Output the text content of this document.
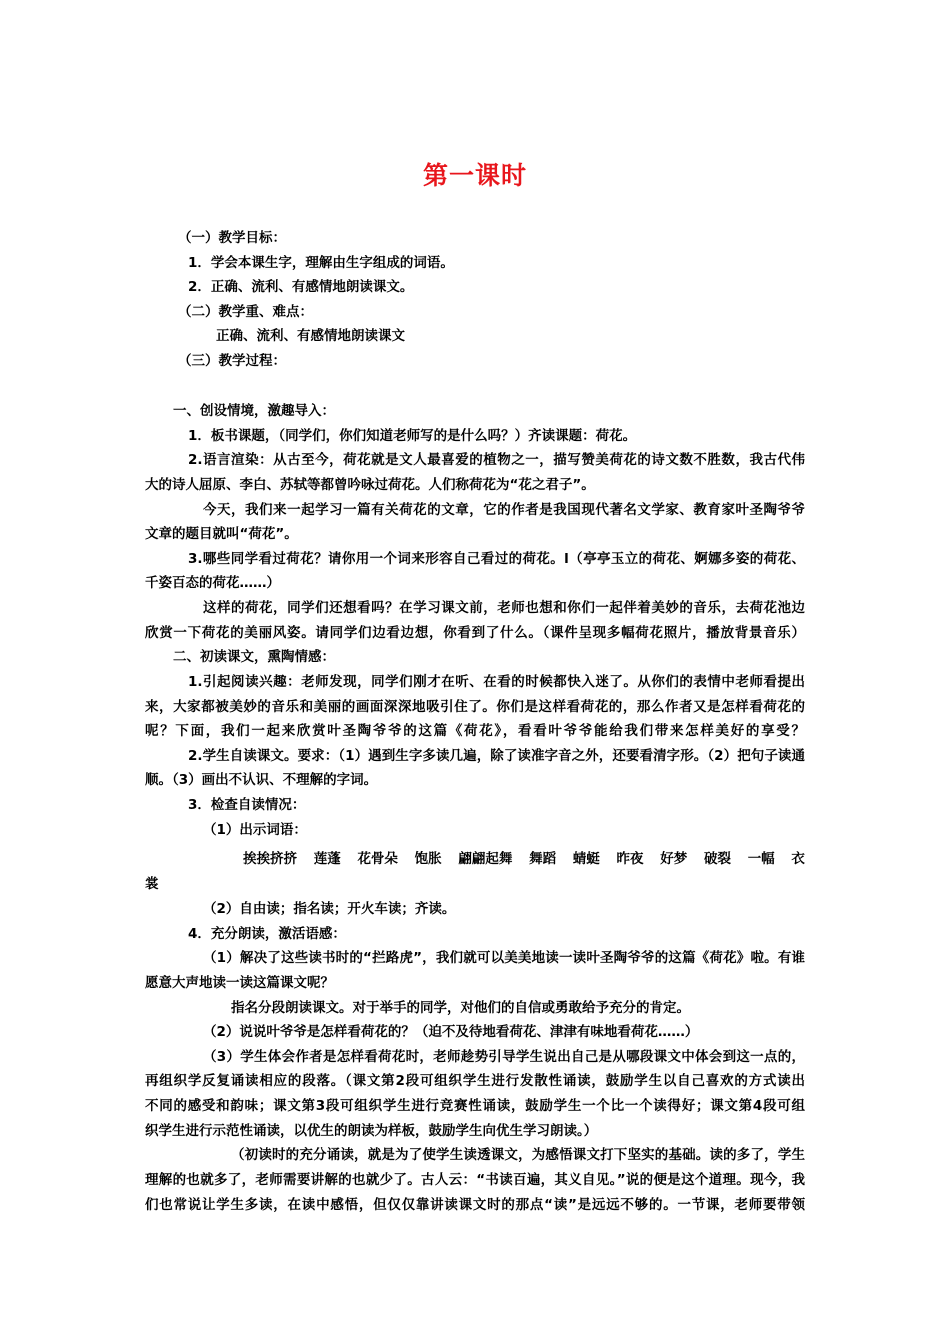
第一课时
（一）教学目标：
1．学会本课生字，理解由生字组成的词语。
2．正确、流利、有感情地朗读课文。
（二）教学重、难点：
正确、流利、有感情地朗读课文
（三）教学过程：
一、创设情境，激趣导入：
1．板书课题，（同学们，你们知道老师写的是什么吗？）齐读课题：荷花。
2.语言渲染：从古至今，荷花就是文人最喜爱的植物之一，描写赞美荷花的诗文数不胜数，我古代伟
大的诗人屈原、李白、苏轼等都曾吟咏过荷花。人们称荷花为“花之君子”。
今天，我们来一起学习一篇有关荷花的文章，它的作者是我国现代著名文学家、教育家叶圣陶爷爷
文章的题目就叫“荷花”。
3.哪些同学看过荷花？请你用一个词来形容自己看过的荷花。l（亭亭玉立的荷花、婀娜多姿的荷花、
千姿百态的荷花……）
这样的荷花，同学们还想看吗？在学习课文前，老师也想和你们一起伴着美妙的音乐，去荷花池边
欣赏一下荷花的美丽风姿。请同学们边看边想，你看到了什么。（课件呈现多幅荷花照片，播放背景音乐）
二、初读课文，熏陶情感：
1.引起阅读兴趣：老师发现，同学们刚才在听、在看的时候都快入迷了。从你们的表情中老师看提出
来，大家都被美妙的音乐和美丽的画面深深地吸引住了。你们是这样看荷花的，那么作者又是怎样看荷花的
呢？下面，我们一起来欣赏叶圣陶爷爷的这篇《荷花》，看看叶爷爷能给我们带来怎样美好的享受？
2.学生自读课文。要求：（1）遇到生字多读几遍，除了读准字音之外，还要看清字形。（2）把句子读通
顺。（3）画出不认识、不理解的字词。
3．检查自读情况：
（1）出示词语：
挨挨挤挤 莲蓬 花骨朵 饱胀 翩翩起舞 舞蹈 蜻蜓 昨夜 好梦 破裂 一幅 衣
裳
（2）自由读；指名读；开火车读；齐读。
4．充分朗读，激活语感：
（1）解决了这些读书时的“拦路虎”，我们就可以美美地读一读叶圣陶爷爷的这篇《荷花》啦。有谁
愿意大声地读一读这篇课文呢？
指名分段朗读课文。对于举手的同学，对他们的自信或勇敢给予充分的肯定。
（2）说说叶爷爷是怎样看荷花的？（迫不及待地看荷花、津津有味地看荷花……）
（3）学生体会作者是怎样看荷花时，老师趁势引导学生说出自己是从哪段课文中体会到这一点的，
再组织学反复诵读相应的段落。（课文第2段可组织学生进行发散性诵读，鼓励学生以自己喜欢的方式读出
不同的感受和韵味；课文第3段可组织学生进行竞赛性诵读，鼓励学生一个比一个读得好；课文第4段可组
织学生进行示范性诵读，以优生的朗读为样板，鼓励学生向优生学习朗读。）
（初读时的充分诵读，就是为了使学生读透课文，为感悟课文打下坚实的基础。读的多了，学生
理解的也就多了，老师需要讲解的也就少了。古人云：“书读百遍，其义自见。”说的便是这个道理。现今，我
们也常说让学生多读，在读中感悟，但仅仅靠讲读课文时的那点“读”是远远不够的。一节课，老师要带领
